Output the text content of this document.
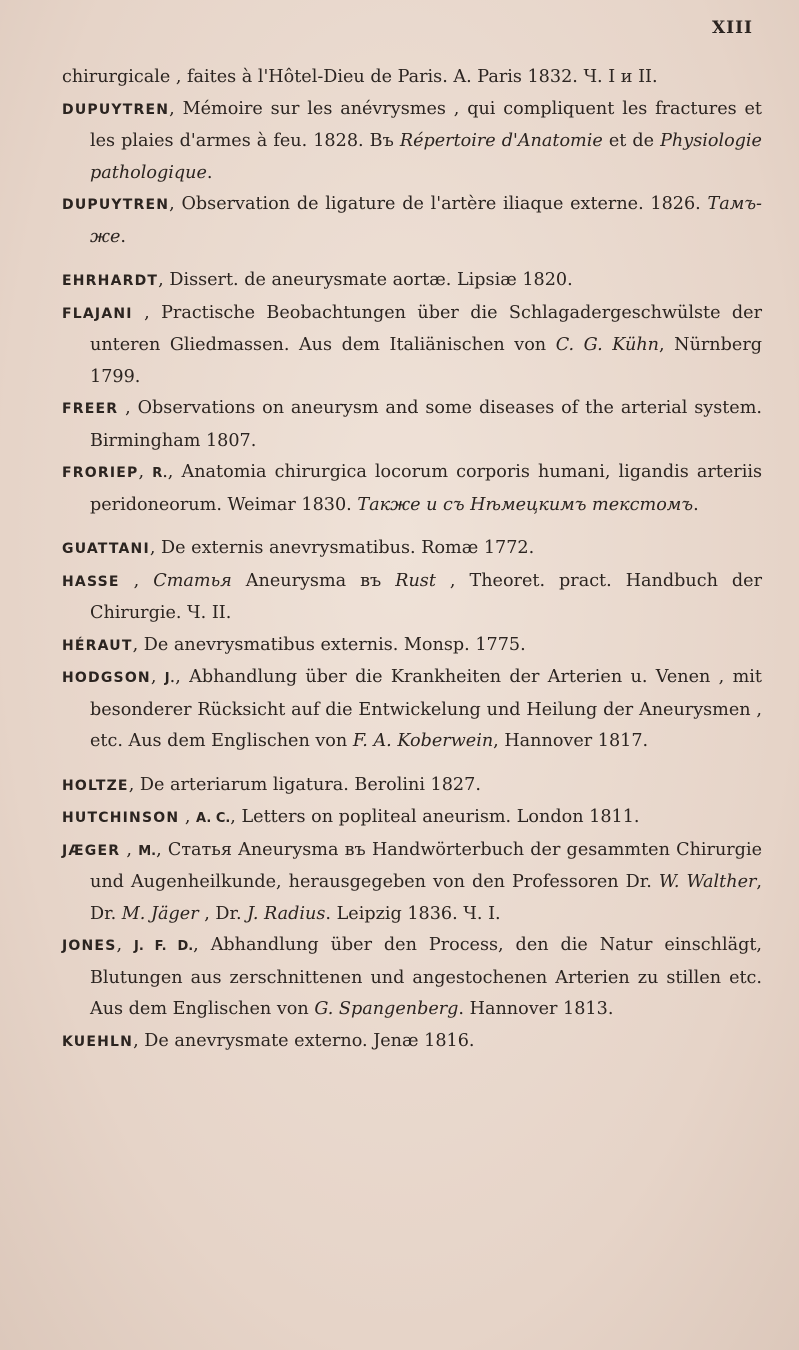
XIII

chirurgicale , faites à l'Hôtel-Dieu de Paris. A. Paris 1832. Ч. I и II.

DUPUYTREN, Mémoire sur les anévrysmes , qui compliquent les fractures et les plaies d'armes à feu. 1828. Въ Répertoire d'Anatomie et de Physiologie pathologique.

DUPUYTREN, Observation de ligature de l'artère iliaque externe. 1826. Тамъ-же.

EHRHARDT, Dissert. de aneurysmate aortæ. Lipsiæ 1820.

FLAJANI , Practische Beobachtungen über die Schlagadergeschwülste der unteren Gliedmassen. Aus dem Italiänischen von C. G. Kühn, Nürnberg 1799.

FREER , Observations on aneurysm and some diseases of the arterial system. Birmingham 1807.

FRORIEP, R., Anatomia chirurgica locorum corporis humani, ligandis arteriis peridoneorum. Weimar 1830. Также и съ Нѣмецкимъ текстомъ.

GUATTANI, De externis anevrysmatibus. Romæ 1772.

HASSE , Статья Aneurysma въ Rust , Theoret. pract. Handbuch der Chirurgie. Ч. II.

HÉRAUT, De anevrysmatibus externis. Monsp. 1775.

HODGSON, J., Abhandlung über die Krankheiten der Arterien u. Venen , mit besonderer Rücksicht auf die Entwickelung und Heilung der Aneurysmen , etc. Aus dem Englischen von F. A. Koberwein, Hannover 1817.

HOLTZE, De arteriarum ligatura. Berolini 1827.

HUTCHINSON , A. C., Letters on popliteal aneurism. London 1811.

JÆGER , M., Статья Aneurysma въ Handwörterbuch der gesammten Chirurgie und Augenheilkunde, herausgegeben von den Professoren Dr. W. Walther, Dr. M. Jäger , Dr. J. Radius. Leipzig 1836. Ч. I.

JONES, J. F. D., Abhandlung über den Process, den die Natur einschlägt, Blutungen aus zerschnittenen und angestochenen Arterien zu stillen etc. Aus dem Englischen von G. Spangenberg. Hannover 1813.

KUEHLN, De anevrysmate externo. Jenæ 1816.
